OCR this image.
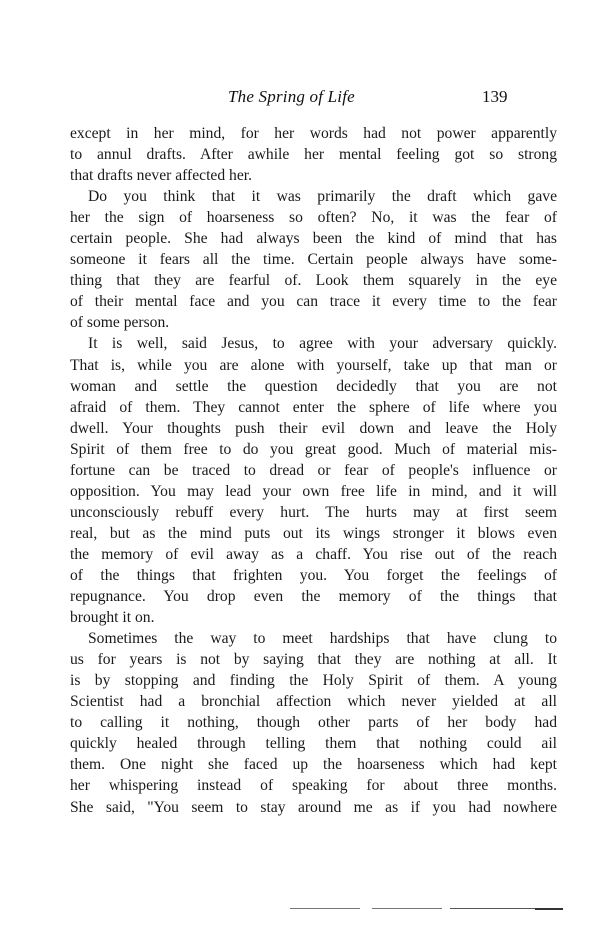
The Spring of Life	139
except in her mind, for her words had not power apparently
to annul drafts. After awhile her mental feeling got so strong
that drafts never affected her.
Do you think that it was primarily the draft which gave
her the sign of hoarseness so often? No, it was the fear of
certain people. She had always been the kind of mind that has
someone it fears all the time. Certain people always have some-
thing that they are fearful of. Look them squarely in the eye
of their mental face and you can trace it every time to the fear
of some person.
It is well, said Jesus, to agree with your adversary quickly.
That is, while you are alone with yourself, take up that man or
woman and settle the question decidedly that you are not
afraid of them. They cannot enter the sphere of life where you
dwell. Your thoughts push their evil down and leave the Holy
Spirit of them free to do you great good. Much of material mis-
fortune can be traced to dread or fear of people's influence or
opposition. You may lead your own free life in mind, and it will
unconsciously rebuff every hurt. The hurts may at first seem
real, but as the mind puts out its wings stronger it blows even
the memory of evil away as a chaff. You rise out of the reach
of the things that frighten you. You forget the feelings of
repugnance. You drop even the memory of the things that
brought it on.
Sometimes the way to meet hardships that have clung to
us for years is not by saying that they are nothing at all. It
is by stopping and finding the Holy Spirit of them. A young
Scientist had a bronchial affection which never yielded at all
to calling it nothing, though other parts of her body had
quickly healed through telling them that nothing could ail
them. One night she faced up the hoarseness which had kept
her whispering instead of speaking for about three months.
She said, "You seem to stay around me as if you had nowhere
